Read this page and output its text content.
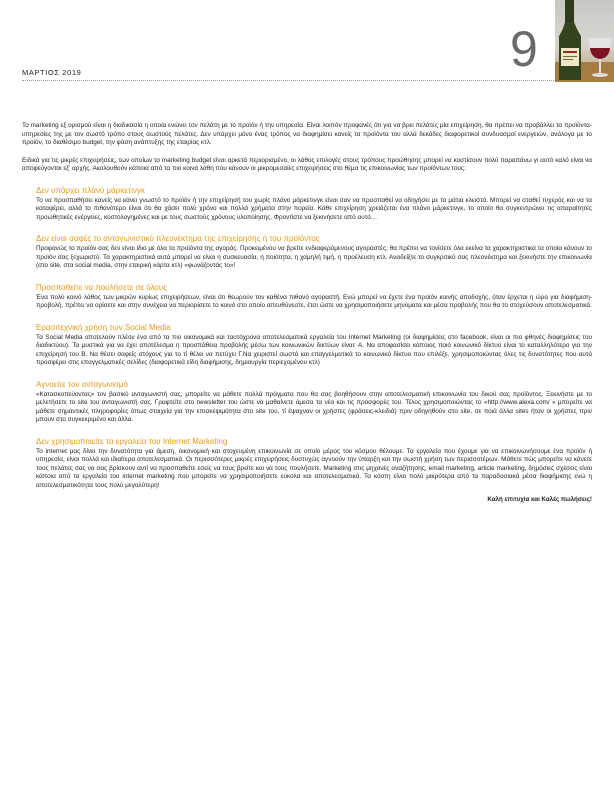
ΜΑΡΤΙΟΣ 2019	9

Το marketing εξ ορισμού είναι η διαδικασία η οποία ενώνει τον πελάτη με το προϊόν ή την υπηρεσία. Είναι λοιπόν προφανές ότι για να βρει πελάτες μία επιχείρηση, θα πρέπει να προβάλλει τα προϊόντα-υπηρεσίες της με τον σωστό τρόπο στους σωστούς πελάτες. Δεν υπάρχει μόνο ένας τρόπος να διαφημίσει κανείς τα προϊόντα του αλλά δεκάδες διαφορετικοί συνδυασμοί ενεργειών, ανάλογα με το προϊόν, το διαθέσιμο budget, την φάση ανάπτυξης της εταιρίας κτλ.

Ειδικά για τις μικρές επιχειρήσεις, των οποίων το marketing budget είναι αρκετά περιορισμένο, οι λάθος επιλογές στους τρόπους προώθησης μπορεί να κοστίσουν πολύ παραπάνω γι αυτό καλό είναι να αποφεύγονται εξ’ αρχής. Ακολουθούν κάποια από τα πιο κοινά λάθη που κάνουν οι μικρομεσαίες επιχειρήσεις στο θέμα τις επικοινωνίας των προϊόντων τους:

Δεν υπάρχει πλάνο μάρκετινγκ

Το να προσπαθήσει κανείς να κάνει γνωστό το προϊόν ή την επιχείρησή του χωρίς πλάνο μάρκετινγκ είναι σαν να προσπαθεί να οδηγήσει με τα μάτια κλειστά. Μπορεί να σταθεί τυχερός και να τα καταφέρει, αλλά το πιθανότερο είναι ότι θα χάσει πολύ χρόνο και πολλά χρήματα στην πορεία. Κάθε επιχείρηση χρειάζεται ένα πλάνο μάρκετινγκ, το οποίο θα συγκεντρώνει τις απαραίτητες προωθητικές ενέργειες, κοστολογημένες και με τους σωστούς χρόνους υλοποίησης. Φροντίστε να ξεκινήσετε από αυτό…

Δεν είναι σαφές το ανταγωνιστικό πλεονέκτημα της επιχείρησης ή του προϊόντος

Προφανώς το προϊόν σας δεν είναι ίδιο με όλα τα προϊόντα της αγοράς. Προκειμένου να βρείτε ενδιαφερόμενους αγοραστές, θα πρέπει να τονίσετε όλα εκείνα τα χαρακτηριστικά τα οποία κάνουν το προϊόν σας ξεχωριστό. Τα χαρακτηριστικά αυτά μπορεί να είναι η συσκευασία, η ποιότητα, η χαμηλή τιμή, η προέλευση κτλ. Αναδείξτε το συγκριτικό σας πλεονέκτημα και ξεκινήστε την επικοινωνία (στο site, στα social media, στην εταιρική κάρτα κτλ) «φωνάζοντάς το»!

Προσπαθείτε να πουλήσετε σε όλους

Ένα πολύ κοινό λάθος των μικρών κυρίως επιχειρήσεων, είναι ότι θεωρούν τον καθένα πιθανό αγοραστή. Ενώ μπορεί να έχετε ένα προϊόν κοινής αποδοχής, όταν έρχεται η ώρα για διαφήμιση-προβολή, πρέπει να ορίσετε και στην συνέχεια να περιορίσετε το κοινό στο οποίο απευθύνεστε, έτσι ώστε να χρησιμοποιήσετε μηνύματα και μέσα προβολής που θα το στοχεύσουν αποτελεσματικά.

Ερασιτεχνική χρήση των Social Media

Τα Social Media αποτελούν πλέον ένα από τα πιο οικονομικά και ταυτόχρονα αποτελεσματικά εργαλεία του Internet Marketing (οι διαφημίσεις στο facebook, είναι οι πιο φθηνές διαφημίσεις του διαδικτύου). Τα μυστικά για να έχει αποτέλεσμα η προσπάθεια προβολής μέσω των κοινωνικών δικτύων είναι: Α. Να αποφασίσει κάποιος ποιό κοινωνικό δίκτυο είναι το καταλληλότερο για την επιχείρησή του Β. Να θέσει σαφείς στόχους για το τί θέλει να πετύχει Γ.Να χειριστεί σωστά και επαγγελματικά το κοινωνικό δίκτυο που επιλέξε, χρησιμοποιώντας όλες τις δυνατότητες που αυτό προσφέρει στις επαγγελματικές σελίδες (διαφορετικά είδη διαφήμισης, δημιουργία περιεχομένου κτλ)

Αγνοείτε τον ανταγωνισμό

«Κατασκοπεύοντας» τον βασικό ανταγωνιστή σας, μπορείτε να μάθετε πολλά πράγματα που θα σας βοηθήσουν στην αποτελεσματική επικοινωνία του δικού σας προϊόντος. Ξεκινήστε με το μελετήσετε το site του ανταγωνιστή σας. Γραφτείτε στο newsletter του ώστε να μαθαίνετε άμεσα τα νέα και τις προσφορές του. Τέλος χρησιμοποιώντας το «http://www.alexa.com/ » μπορείτε να μάθετε σημαντικές πληροφορίες όπως στοιχεία για την επισκεψιμότητα στο site του, τί έψαχναν οι χρήστες (φράσεις-κλειδιά) πριν οδηγηθούν στο site, σε ποιά άλλα sites ήταν οι χρήστες πριν μπουν στο συγκεκριμένο και άλλα.

Δεν χρησιμοποιείτε τα εργαλεία του Internet Marketing

Το internet μας δίνει την δυνατότητα για άμεση, οικονομική και στοχευμένη επικοινωνία σε οποίο μέρος του κόσμου θέλουμε. Τα εργαλεία που έχουμε για να επικοινωνήσουμε ένα προϊόν ή υπηρεσία, είναι πολλά και ιδιαίτερα αποτελεσματικά. Οι περισσότερες μικρές επιχειρήσεις δυστυχώς αγνοούν την ύπαρξη και την σωστή χρήση των περισσοτέρων. Μάθετε πώς μπορείτε να κάνετε τους πελάτες σας να σας βρίσκουν αντί να προσπαθείτε εσείς να τους βρείτε και να τους πουλήσετε. Marketing στις μηχανές αναζήτησης, email marketing, article marketing, δημόσιες σχέσεις είναι κάποια από τα εργαλεία του internet marketing που μπορείτε να χρησιμοποιήσετε εύκολα και αποτελεσματικά. Τα κόστη είναι πολύ μικρότερα από τα παραδοσιακά μέσα διαφήμισης ενώ η αποτελεσματικότητα τους πολύ μεγαλύτερη!

Καλή επιτυχία και Καλές πωλήσεις!
